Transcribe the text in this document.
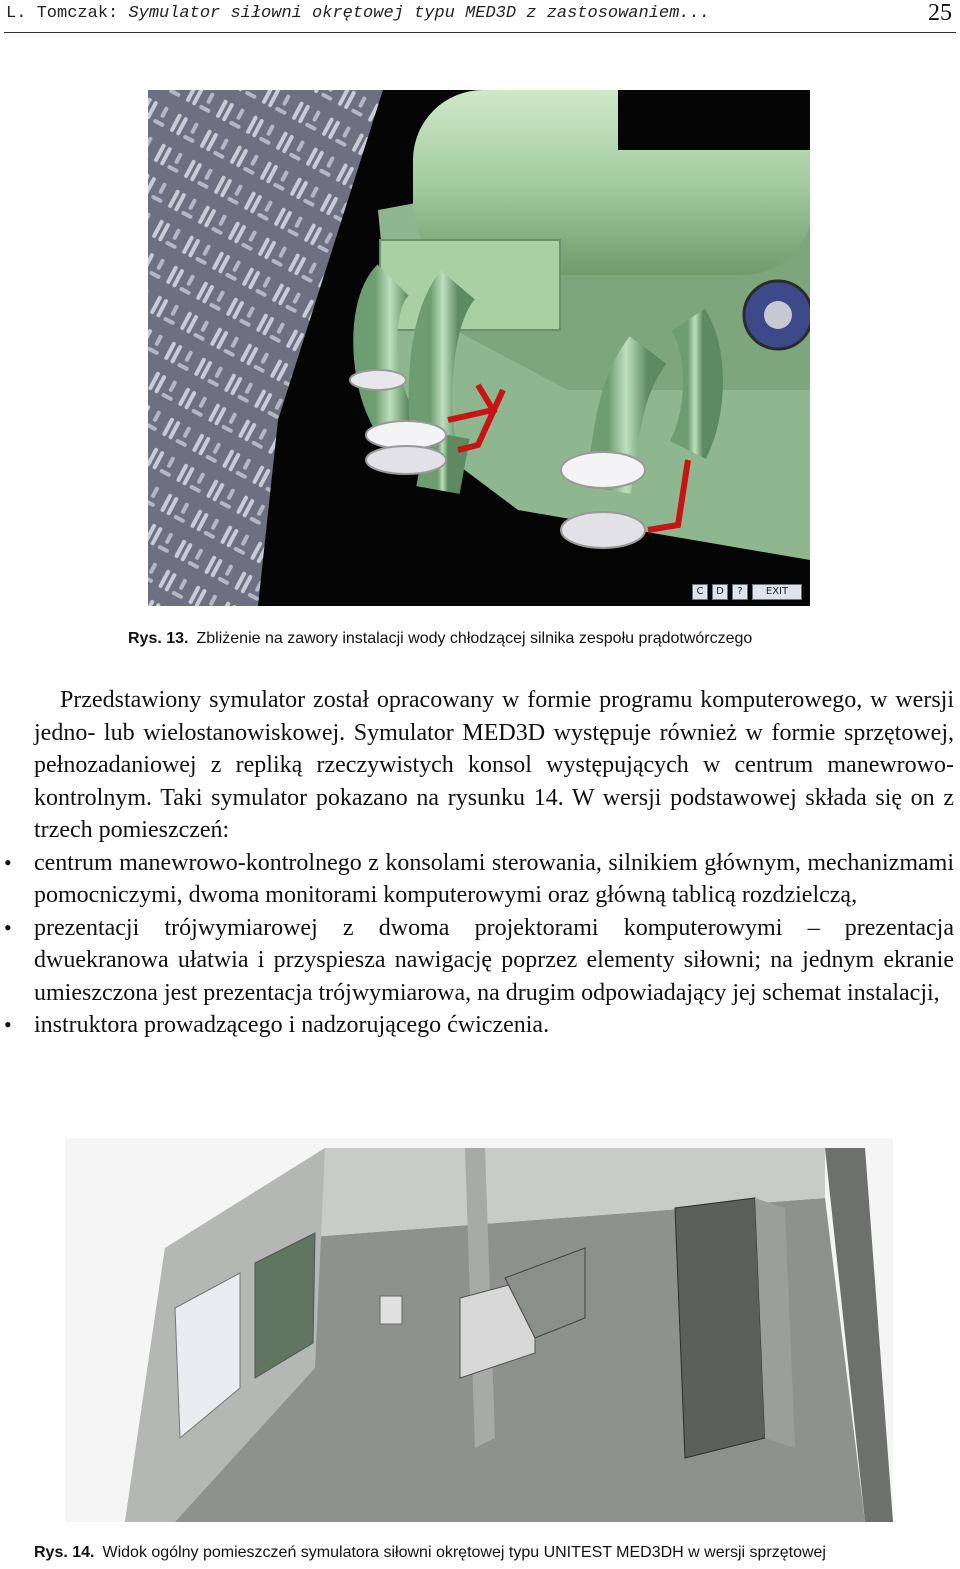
L. Tomczak: Symulator siłowni okrętowej typu MED3D z zastosowaniem...	25
C	D	?	EXIT
Rys. 13. Zbliżenie na zawory instalacji wody chłodzącej silnika zespołu prądotwórczego

Przedstawiony symulator został opracowany w formie programu komputerowego, w wersji jedno- lub wielostanowiskowej. Symulator MED3D występuje również w formie sprzętowej, pełnozadaniowej z repliką rzeczywistych konsol występujących w centrum manewrowo-kontrolnym. Taki symulator pokazano na rysunku 14. W wersji podstawowej składa się on z trzech pomieszczeń:

• centrum manewrowo-kontrolnego z konsolami sterowania, silnikiem głównym, mechanizmami pomocniczymi, dwoma monitorami komputerowymi oraz główną tablicą rozdzielczą,
• prezentacji trójwymiarowej z dwoma projektorami komputerowymi – prezentacja dwuekranowa ułatwia i przyspiesza nawigację poprzez elementy siłowni; na jednym ekranie umieszczona jest prezentacja trójwymiarowa, na drugim odpowiadający jej schemat instalacji,
• instruktora prowadzącego i nadzorującego ćwiczenia.
Rys. 14. Widok ogólny pomieszczeń symulatora siłowni okrętowej typu UNITEST MED3DH w wersji sprzętowej
